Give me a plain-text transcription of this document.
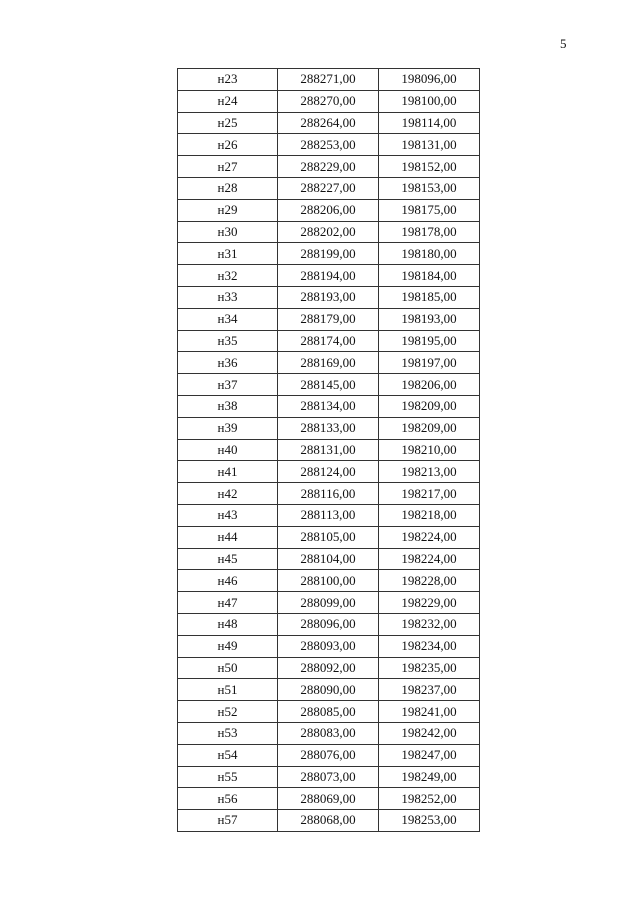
5
н23	288271,00	198096,00
н24	288270,00	198100,00
н25	288264,00	198114,00
н26	288253,00	198131,00
н27	288229,00	198152,00
н28	288227,00	198153,00
н29	288206,00	198175,00
н30	288202,00	198178,00
н31	288199,00	198180,00
н32	288194,00	198184,00
н33	288193,00	198185,00
н34	288179,00	198193,00
н35	288174,00	198195,00
н36	288169,00	198197,00
н37	288145,00	198206,00
н38	288134,00	198209,00
н39	288133,00	198209,00
н40	288131,00	198210,00
н41	288124,00	198213,00
н42	288116,00	198217,00
н43	288113,00	198218,00
н44	288105,00	198224,00
н45	288104,00	198224,00
н46	288100,00	198228,00
н47	288099,00	198229,00
н48	288096,00	198232,00
н49	288093,00	198234,00
н50	288092,00	198235,00
н51	288090,00	198237,00
н52	288085,00	198241,00
н53	288083,00	198242,00
н54	288076,00	198247,00
н55	288073,00	198249,00
н56	288069,00	198252,00
н57	288068,00	198253,00
